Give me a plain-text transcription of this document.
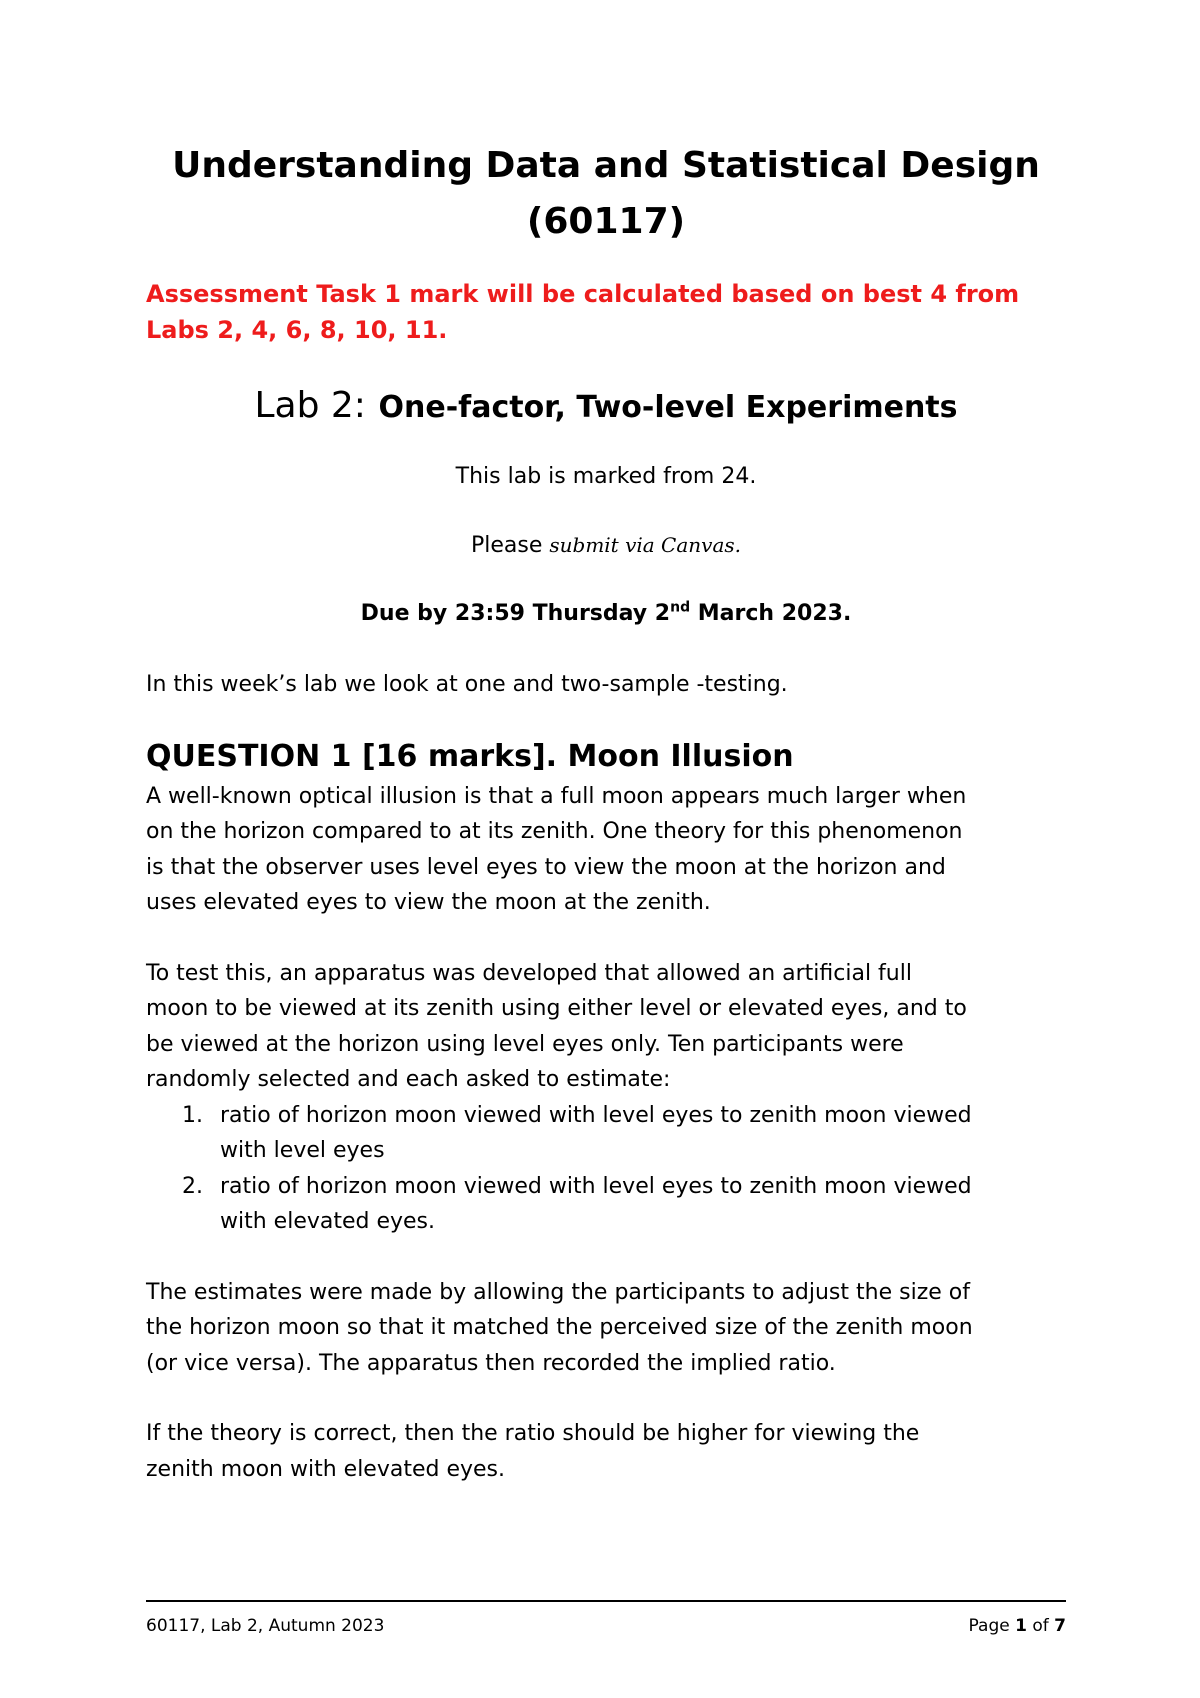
Understanding Data and Statistical Design
(60117)

Assessment Task 1 mark will be calculated based on best 4 from
Labs 2, 4, 6, 8, 10, 11.

Lab 2: One-factor, Two-level Experiments

This lab is marked from 24.

Please submit via Canvas.

Due by 23:59 Thursday 2nd March 2023.

In this week’s lab we look at one and two-sample -testing.

QUESTION 1 [16 marks]. Moon Illusion

A well-known optical illusion is that a full moon appears much larger when
on the horizon compared to at its zenith. One theory for this phenomenon
is that the observer uses level eyes to view the moon at the horizon and
uses elevated eyes to view the moon at the zenith.

To test this, an apparatus was developed that allowed an artificial full
moon to be viewed at its zenith using either level or elevated eyes, and to
be viewed at the horizon using level eyes only. Ten participants were
randomly selected and each asked to estimate:

1. ratio of horizon moon viewed with level eyes to zenith moon viewed
with level eyes
2. ratio of horizon moon viewed with level eyes to zenith moon viewed
with elevated eyes.

The estimates were made by allowing the participants to adjust the size of
the horizon moon so that it matched the perceived size of the zenith moon
(or vice versa). The apparatus then recorded the implied ratio.

If the theory is correct, then the ratio should be higher for viewing the
zenith moon with elevated eyes.

60117, Lab 2, Autumn 2023	Page 1 of 7
